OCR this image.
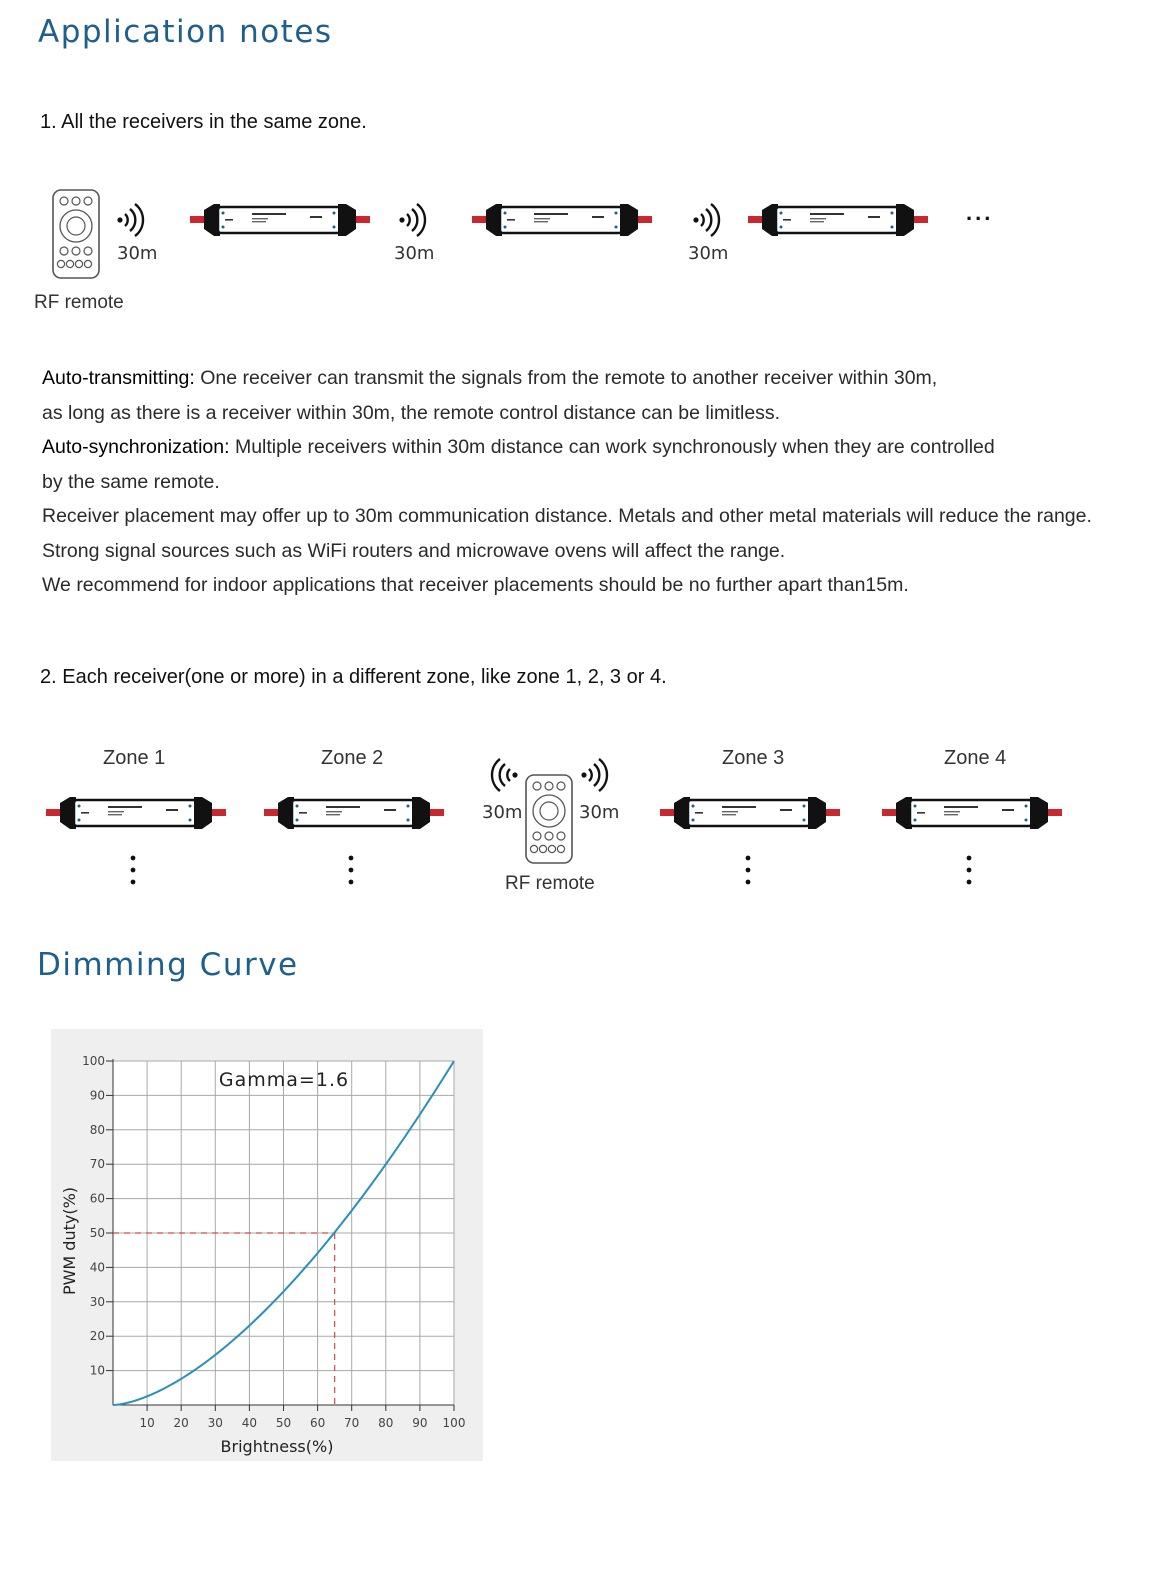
Application notes
1. All the receivers in the same zone.
30m	30m	30m
...
RF remote
Auto-transmitting: One receiver can transmit the signals from the remote to another receiver within 30m,
as long as there is a receiver within 30m, the remote control distance can be limitless.
Auto-synchronization: Multiple receivers within 30m distance can work synchronously when they are controlled
by the same remote.
Receiver placement may offer up to 30m communication distance. Metals and other metal materials will reduce the range.
Strong signal sources such as WiFi routers and microwave ovens will affect the range.
We recommend for indoor applications that receiver placements should be no further apart than15m.
2. Each receiver(one or more) in a different zone, like zone 1, 2, 3 or 4.
Zone 1	Zone 2	Zone 3	Zone 4
30m	30m
RF remote
Dimming Curve
10
20
30
40
50
60
70
80
90
100
10 20 30 40 50 60 70 80 90 100
Gamma=1.6
Brightness(%)
PWM duty(%)
